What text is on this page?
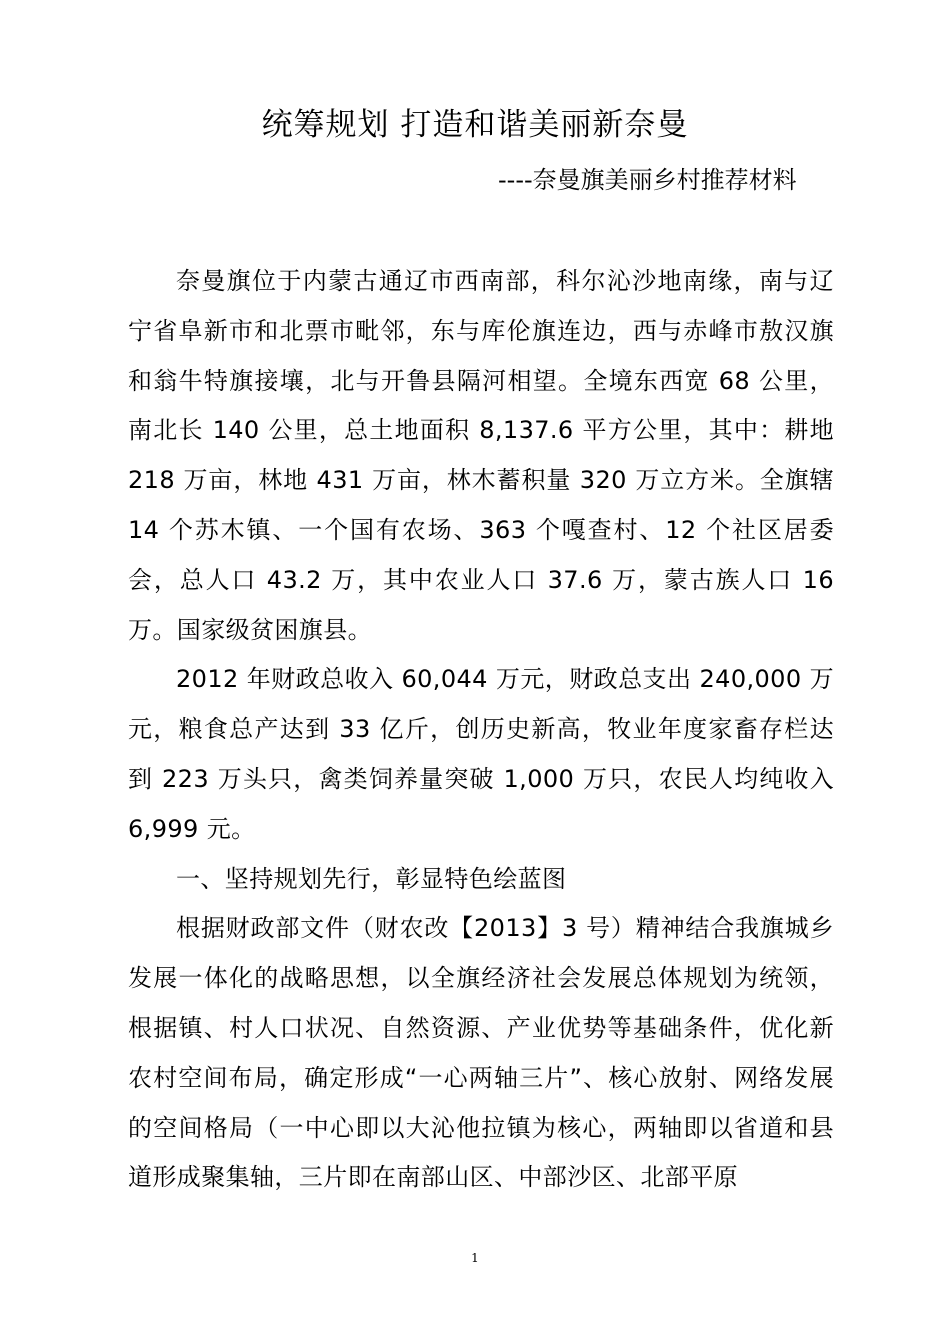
统筹规划 打造和谐美丽新奈曼
----奈曼旗美丽乡村推荐材料

奈曼旗位于内蒙古通辽市西南部，科尔沁沙地南缘，南与辽宁省阜新市和北票市毗邻，东与库伦旗连边，西与赤峰市敖汉旗和翁牛特旗接壤，北与开鲁县隔河相望。全境东西宽 68 公里，南北长 140 公里，总土地面积 8,137.6 平方公里，其中：耕地 218 万亩，林地 431 万亩，林木蓄积量 320 万立方米。全旗辖 14 个苏木镇、一个国有农场、363 个嘎查村、12 个社区居委会，总人口 43.2 万，其中农业人口 37.6 万，蒙古族人口 16 万。国家级贫困旗县。

2012 年财政总收入 60,044 万元，财政总支出 240,000 万元，粮食总产达到 33 亿斤，创历史新高，牧业年度家畜存栏达到 223 万头只，禽类饲养量突破 1,000 万只，农民人均纯收入 6,999 元。

一、坚持规划先行，彰显特色绘蓝图

根据财政部文件（财农改【2013】3 号）精神结合我旗城乡发展一体化的战略思想，以全旗经济社会发展总体规划为统领，根据镇、村人口状况、自然资源、产业优势等基础条件，优化新农村空间布局，确定形成“一心两轴三片”、核心放射、网络发展的空间格局（一中心即以大沁他拉镇为核心，两轴即以省道和县道形成聚集轴，三片即在南部山区、中部沙区、北部平原

1
